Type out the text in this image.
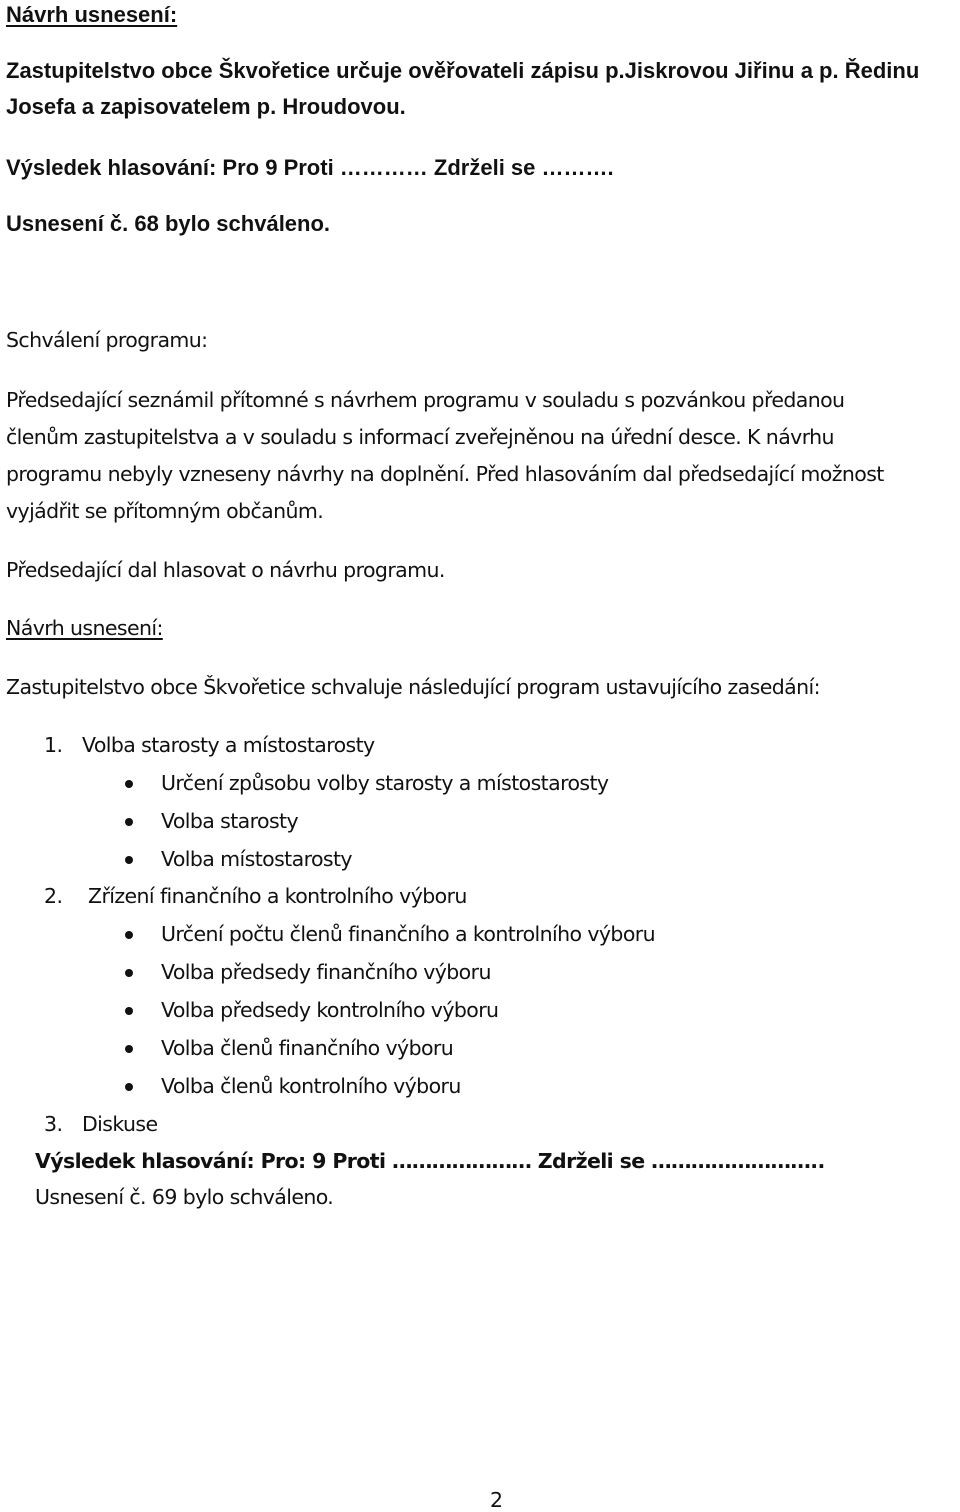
Návrh usnesení:
Zastupitelstvo obce Škvořetice určuje ověřovateli zápisu p.Jiskrovou Jiřinu a p. Ředinu
Josefa a zapisovatelem p. Hroudovou.
Výsledek hlasování: Pro 9 Proti ………… Zdrželi se ……….
Usnesení č. 68 bylo schváleno.
Schválení programu:
Předsedající seznámil přítomné s návrhem programu v souladu s pozvánkou předanou
členům zastupitelstva a v souladu s informací zveřejněnou na úřední desce. K návrhu
programu nebyly vzneseny návrhy na doplnění. Před hlasováním dal předsedající možnost
vyjádřit se přítomným občanům.
Předsedající dal hlasovat o návrhu programu.
Návrh usnesení:
Zastupitelstvo obce Škvořetice schvaluje následující program ustavujícího zasedání:
1. Volba starosty a místostarosty
Určení způsobu volby starosty a místostarosty
Volba starosty
Volba místostarosty
2. Zřízení finančního a kontrolního výboru
Určení počtu členů finančního a kontrolního výboru
Volba předsedy finančního výboru
Volba předsedy kontrolního výboru
Volba členů finančního výboru
Volba členů kontrolního výboru
3. Diskuse
Výsledek hlasování: Pro: 9 Proti ………………… Zdrželi se ……………………..
Usnesení č. 69 bylo schváleno.
2
